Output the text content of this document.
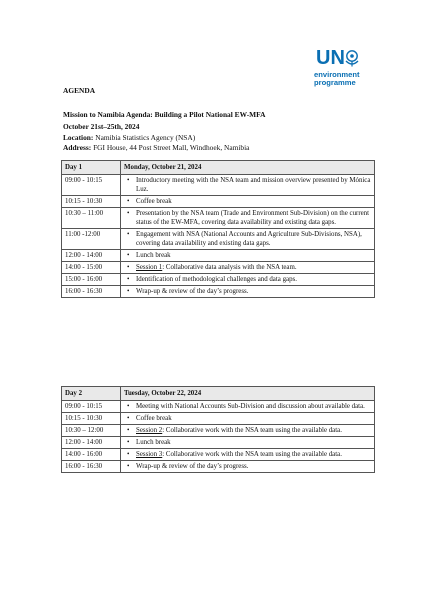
UN
environment
programme
AGENDA
Mission to Namibia Agenda: Building a Pilot National EW-MFA
October 21st–25th, 2024
Location: Namibia Statistics Agency (NSA)
Address: FGI House, 44 Post Street Mall, Windhoek, Namibia
Day 1	Monday, October 21, 2024
09:00 - 10:15	• Introductory meeting with the NSA team and mission overview presented by Mónica Luz.

10:15 - 10:30	• Coffee break

10:30 – 11:00	• Presentation by the NSA team (Trade and Environment Sub-Division) on the current status of the EW-MFA, covering data availability and existing data gaps.

11:00 -12:00	• Engagement with NSA (National Accounts and Agriculture Sub-Divisions, NSA), covering data availability and existing data gaps.

12:00 - 14:00	• Lunch break

14:00 - 15:00	• Session 1: Collaborative data analysis with the NSA team.

15:00 - 16:00	• Identification of methodological challenges and data gaps.

16:00 - 16:30	• Wrap-up & review of the day’s progress.
Day 2	Tuesday, October 22, 2024
09:00 - 10:15	• Meeting with National Accounts Sub-Division and discussion about available data.

10:15 - 10:30	• Coffee break

10:30 – 12:00	• Session 2: Collaborative work with the NSA team using the available data.

12:00 - 14:00	• Lunch break

14:00 - 16:00	• Session 3: Collaborative work with the NSA team using the available data.

16:00 - 16:30	• Wrap-up & review of the day’s progress.
